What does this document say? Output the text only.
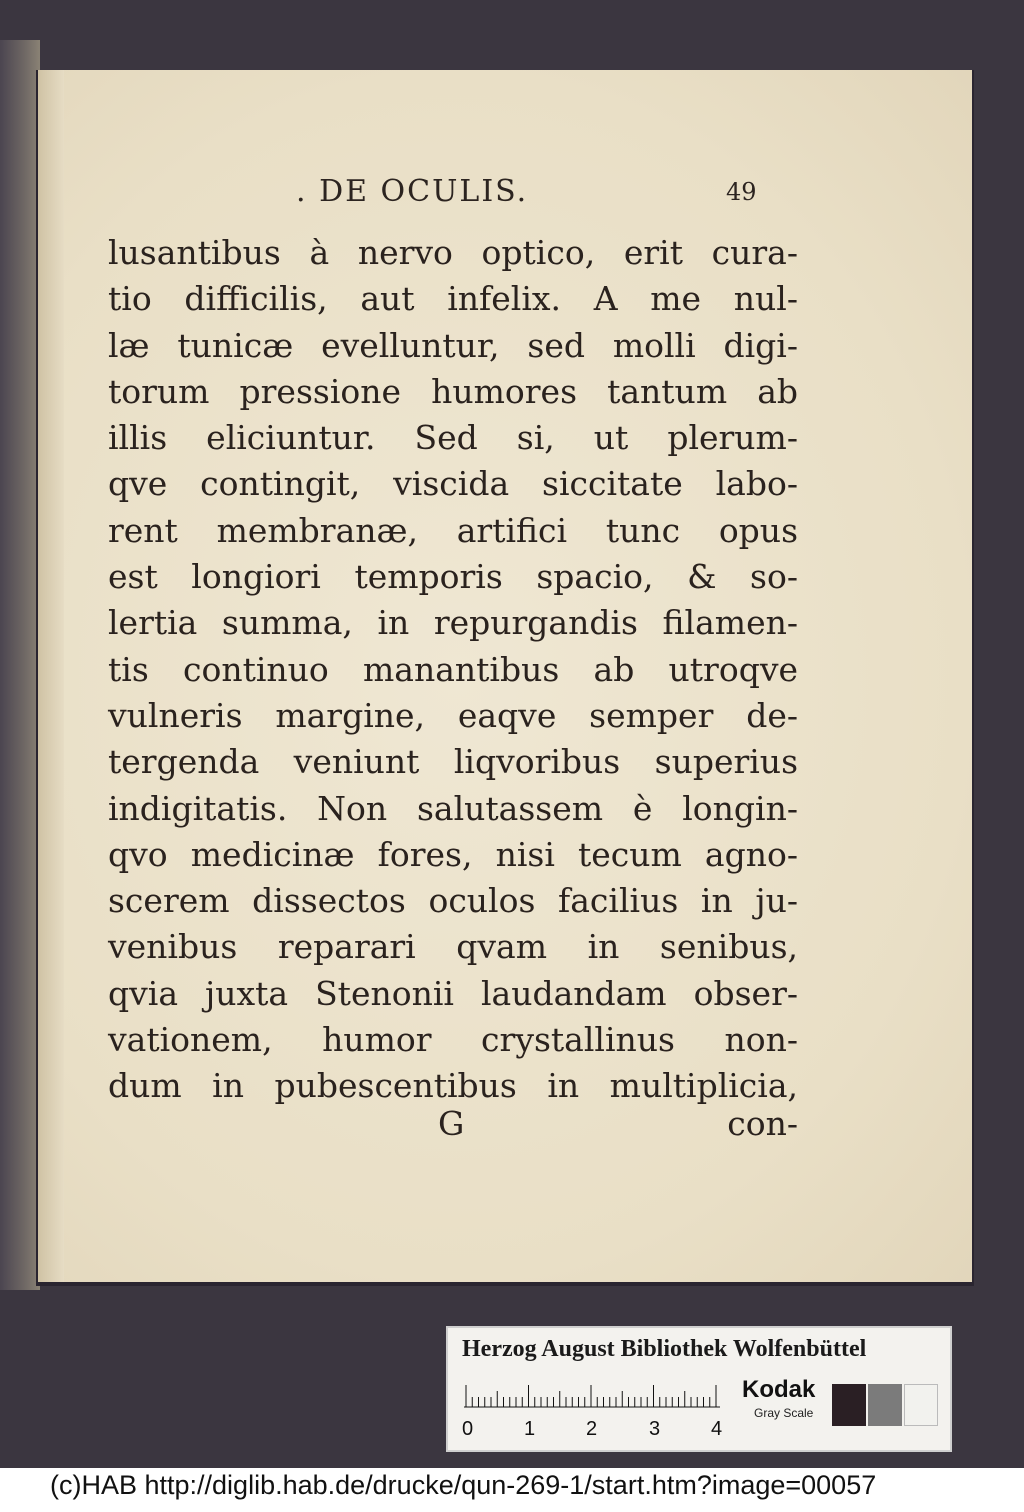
. DE OCULIS.	49
lusantibus à nervo optico, erit cura-
tio difficilis, aut infelix. A me nul-
læ tunicæ evelluntur, sed molli digi-
torum pressione humores tantum ab
illis eliciuntur. Sed si, ut plerum-
qve contingit, viscida siccitate labo-
rent membranæ, artifici tunc opus
est longiori temporis spacio, & so-
lertia summa, in repurgandis filamen-
tis continuo manantibus ab utroqve
vulneris margine, eaqve semper de-
tergenda veniunt liqvoribus superius
indigitatis. Non salutassem è longin-
qvo medicinæ fores, nisi tecum agno-
scerem dissectos oculos facilius in ju-
venibus reparari qvam in senibus,
qvia juxta Stenonii laudandam obser-
vationem, humor crystallinus non-
dum in pubescentibus in multiplicia,
G	con-
Herzog August Bibliothek Wolfenbüttel
0	1	2	3	4
Kodak
Gray Scale
(c)HAB http://diglib.hab.de/drucke/qun-269-1/start.htm?image=00057
